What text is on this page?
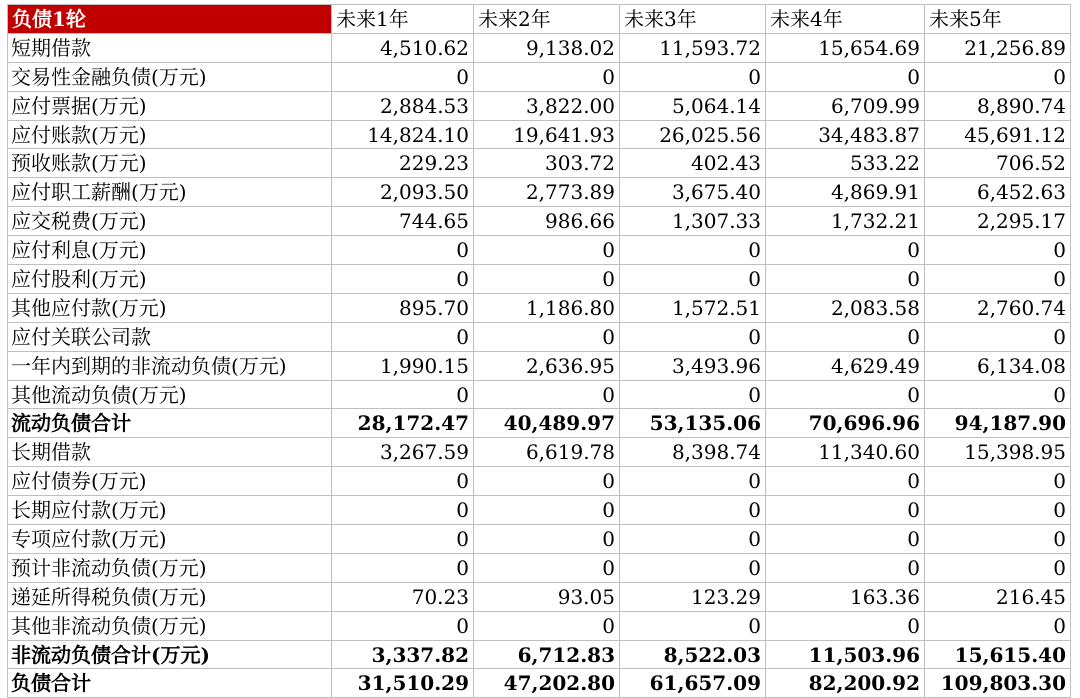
负债1轮	未来1年	未来2年	未来3年	未来4年	未来5年
短期借款	4,510.62	9,138.02	11,593.72	15,654.69	21,256.89
交易性金融负债(万元)	0	0	0	0	0
应付票据(万元)	2,884.53	3,822.00	5,064.14	6,709.99	8,890.74
应付账款(万元)	14,824.10	19,641.93	26,025.56	34,483.87	45,691.12
预收账款(万元)	229.23	303.72	402.43	533.22	706.52
应付职工薪酬(万元)	2,093.50	2,773.89	3,675.40	4,869.91	6,452.63
应交税费(万元)	744.65	986.66	1,307.33	1,732.21	2,295.17
应付利息(万元)	0	0	0	0	0
应付股利(万元)	0	0	0	0	0
其他应付款(万元)	895.70	1,186.80	1,572.51	2,083.58	2,760.74
应付关联公司款	0	0	0	0	0
一年内到期的非流动负债(万元)	1,990.15	2,636.95	3,493.96	4,629.49	6,134.08
其他流动负债(万元)	0	0	0	0	0
流动负债合计	28,172.47	40,489.97	53,135.06	70,696.96	94,187.90
长期借款	3,267.59	6,619.78	8,398.74	11,340.60	15,398.95
应付债券(万元)	0	0	0	0	0
长期应付款(万元)	0	0	0	0	0
专项应付款(万元)	0	0	0	0	0
预计非流动负债(万元)	0	0	0	0	0
递延所得税负债(万元)	70.23	93.05	123.29	163.36	216.45
其他非流动负债(万元)	0	0	0	0	0
非流动负债合计(万元)	3,337.82	6,712.83	8,522.03	11,503.96	15,615.40
负债合计	31,510.29	47,202.80	61,657.09	82,200.92	109,803.30
